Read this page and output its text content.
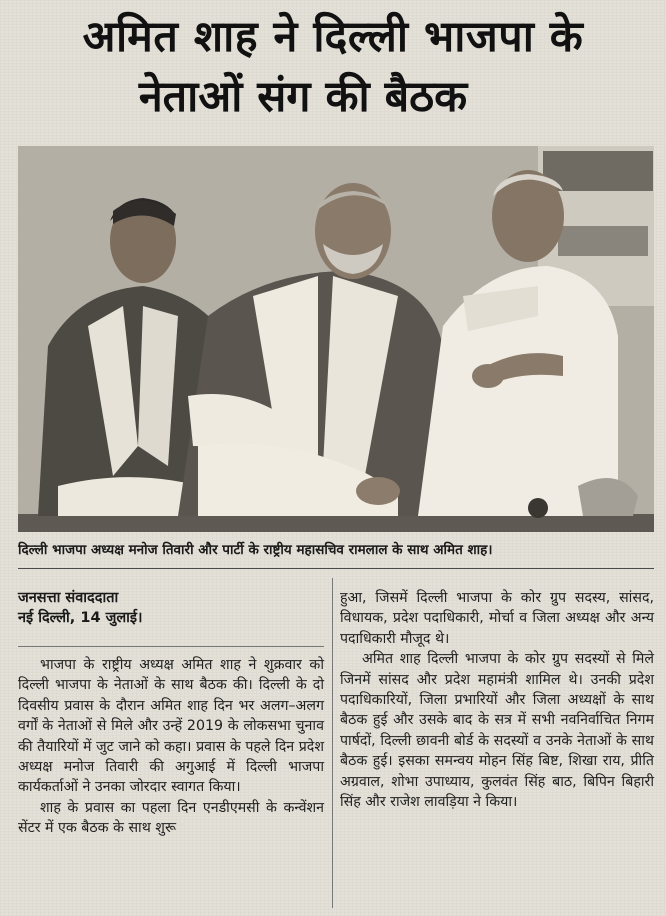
अमित शाह ने दिल्ली भाजपा के
नेताओं संग की बैठक
दिल्ली भाजपा अध्यक्ष मनोज तिवारी और पार्टी के राष्ट्रीय महासचिव रामलाल के साथ अमित शाह।
जनसत्ता संवाददाता
नई दिल्ली, 14 जुलाई।

भाजपा के राष्ट्रीय अध्यक्ष अमित शाह ने शुक्रवार को दिल्ली भाजपा के नेताओं के साथ बैठक की। दिल्ली के दो दिवसीय प्रवास के दौरान अमित शाह दिन भर अलग–अलग वर्गों के नेताओं से मिले और उन्हें 2019 के लोकसभा चुनाव की तैयारियों में जुट जाने को कहा। प्रवास के पहले दिन प्रदेश अध्यक्ष मनोज तिवारी की अगुआई में दिल्ली भाजपा कार्यकर्ताओं ने उनका जोरदार स्वागत किया।

शाह के प्रवास का पहला दिन एनडीएमसी के कन्वेंशन सेंटर में एक बैठक के साथ शुरू

हुआ, जिसमें दिल्ली भाजपा के कोर ग्रुप सदस्य, सांसद, विधायक, प्रदेश पदाधिकारी, मोर्चा व जिला अध्यक्ष और अन्य पदाधिकारी मौजूद थे।

अमित शाह दिल्ली भाजपा के कोर ग्रुप सदस्यों से मिले जिनमें सांसद और प्रदेश महामंत्री शामिल थे। उनकी प्रदेश पदाधिकारियों, जिला प्रभारियों और जिला अध्यक्षों के साथ बैठक हुई और उसके बाद के सत्र में सभी नवनिर्वाचित निगम पार्षदों, दिल्ली छावनी बोर्ड के सदस्यों व उनके नेताओं के साथ बैठक हुई। इसका समन्वय मोहन सिंह बिष्ट, शिखा राय, प्रीति अग्रवाल, शोभा उपाध्याय, कुलवंत सिंह बाठ, बिपिन बिहारी सिंह और राजेश लावड़िया ने किया।
